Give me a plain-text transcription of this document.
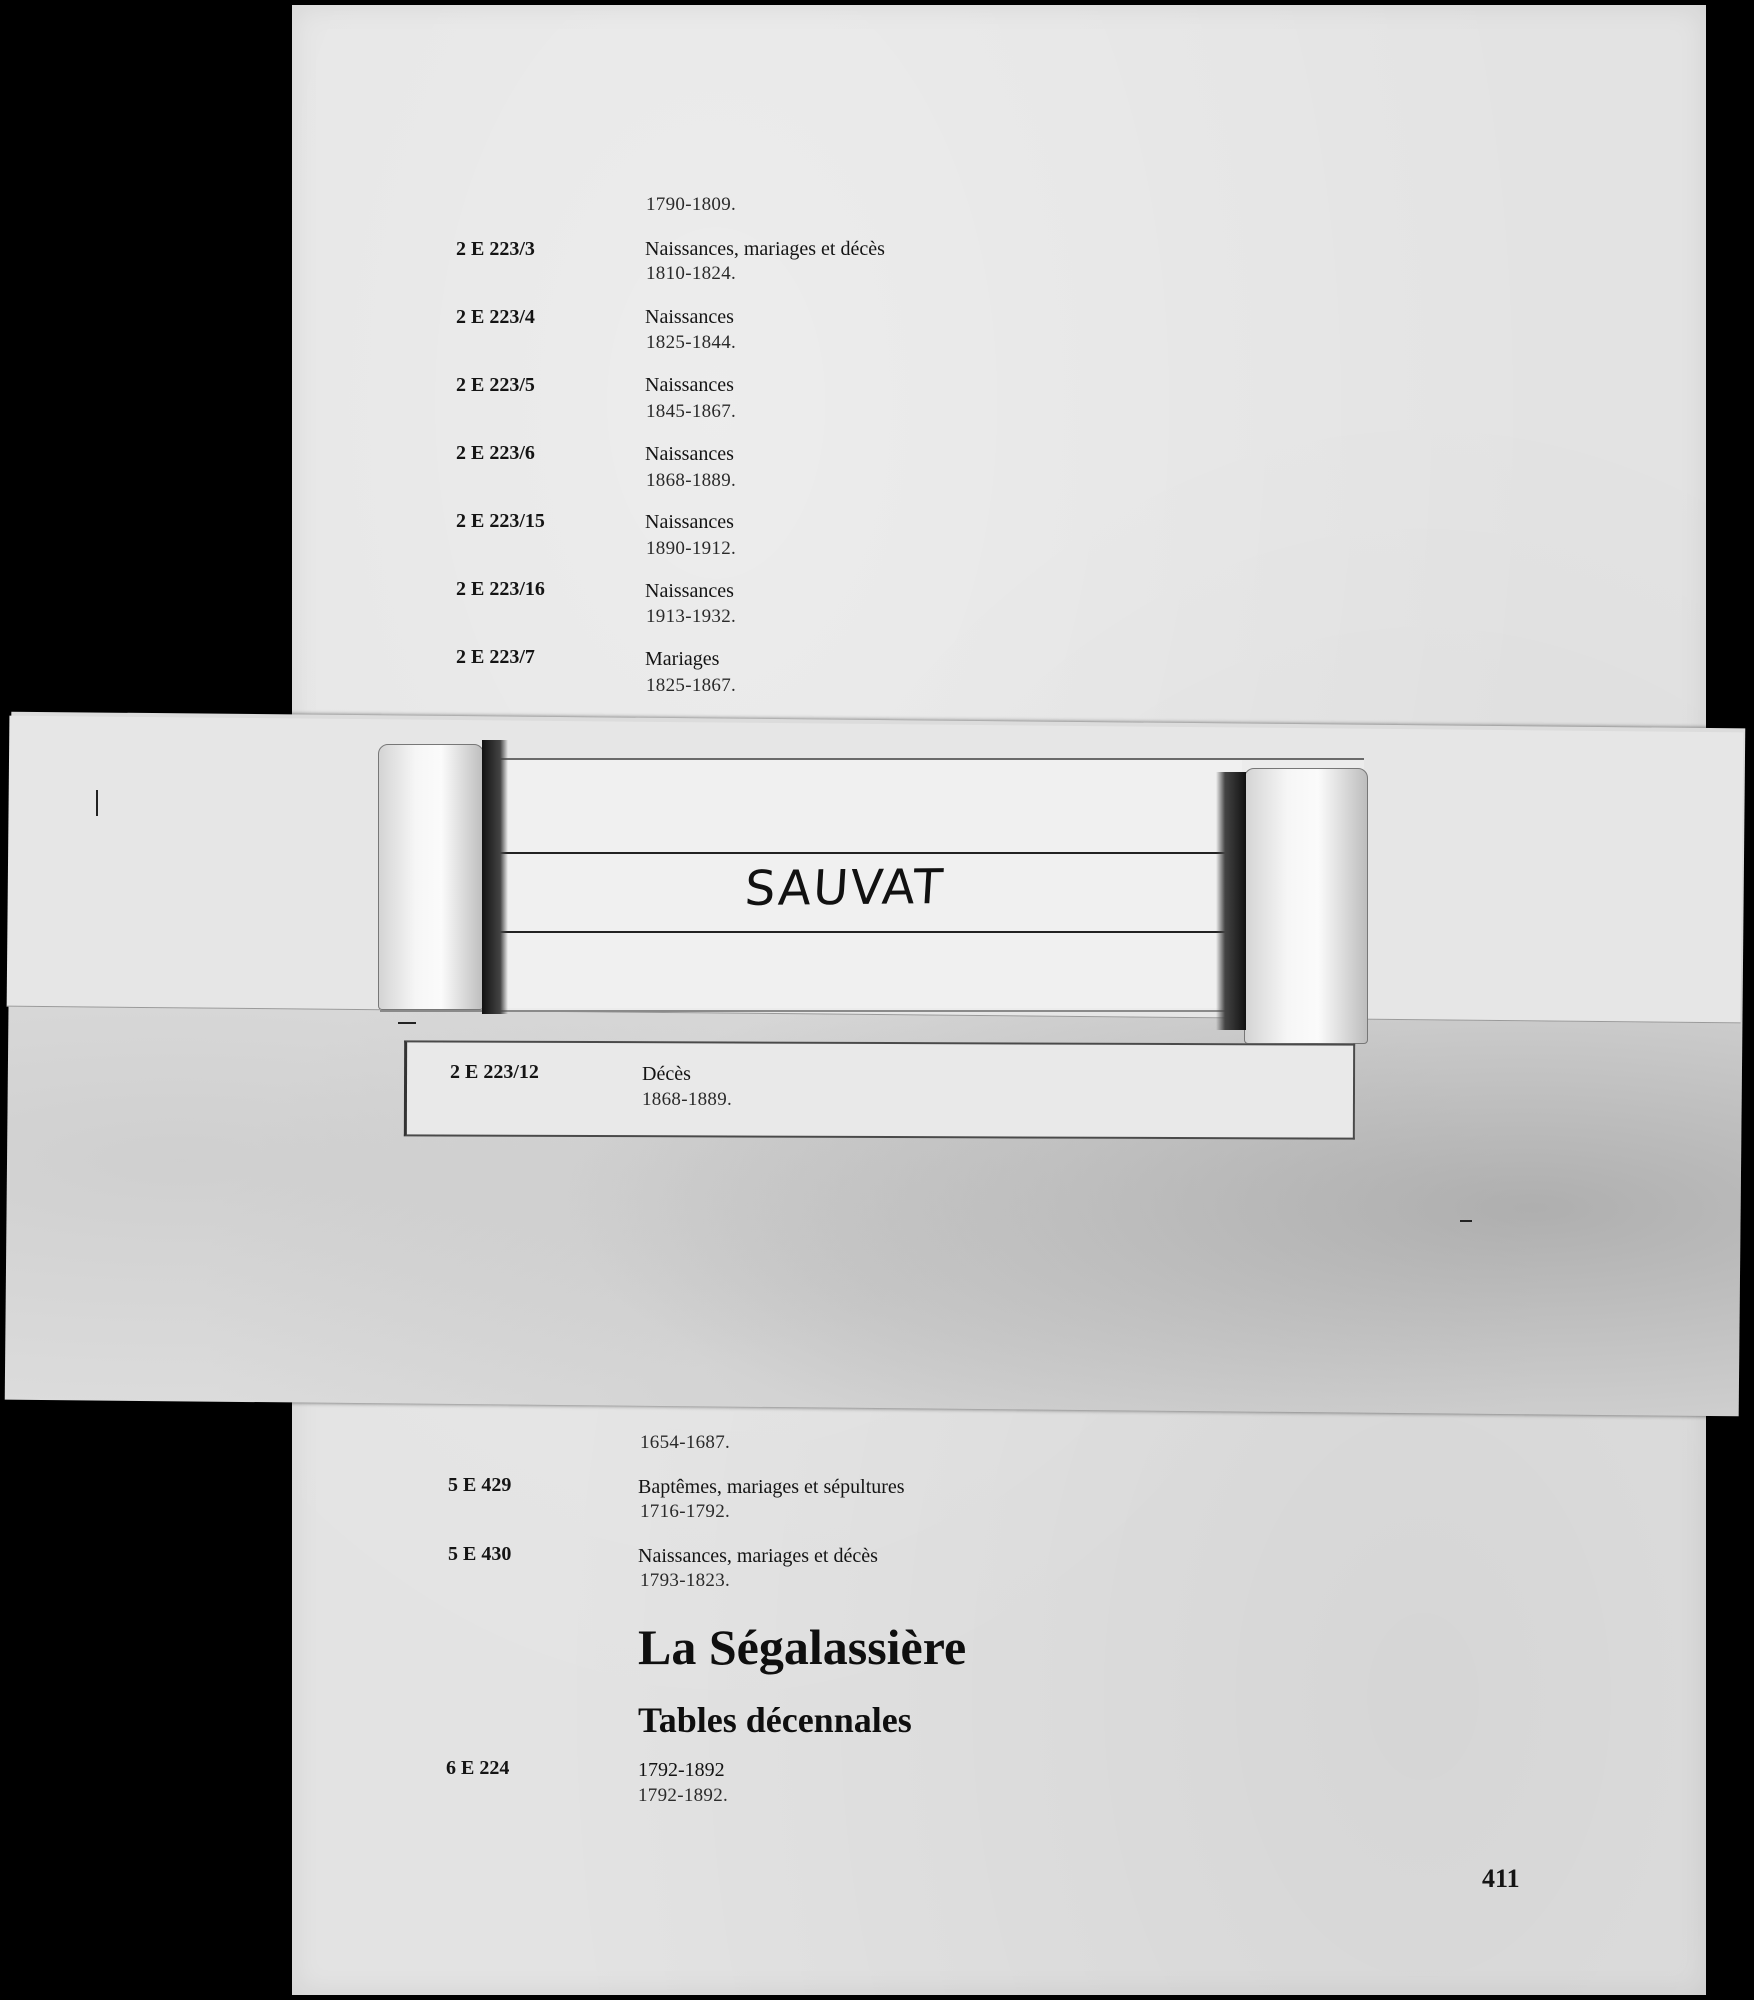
1790-1809.
2 E 223/3	Naissances, mariages et décès
1810-1824.
2 E 223/4	Naissances
1825-1844.
2 E 223/5	Naissances
1845-1867.
2 E 223/6	Naissances
1868-1889.
2 E 223/15	Naissances
1890-1912.
2 E 223/16	Naissances
1913-1932.
2 E 223/7	Mariages
1825-1867.
SAUVAT
2 E 223/12	Décès
1868-1889.
1654-1687.
5 E 429	Baptêmes, mariages et sépultures
1716-1792.
5 E 430	Naissances, mariages et décès
1793-1823.
La Ségalassière
Tables décennales
6 E 224	1792-1892
1792-1892.
411
